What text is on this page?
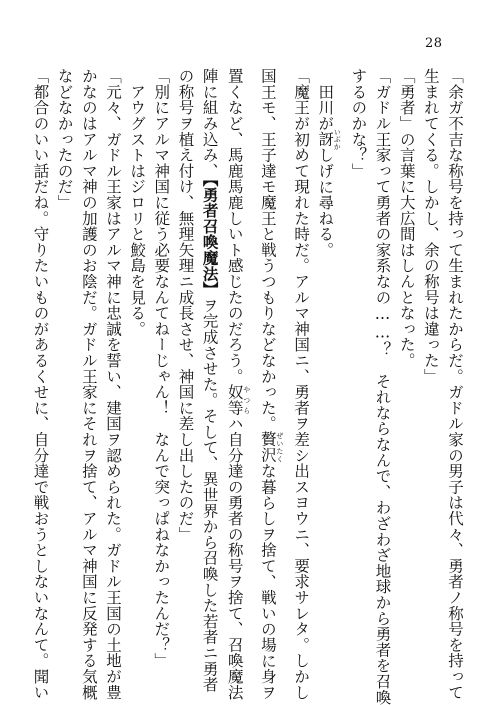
28
「余ガ不吉な称号を持って生まれたからだ。ガドル家の男子は代々、勇者ノ称号を持って
生まれてくる。しかし、余の称号は違った」
「勇者」の言葉に大広間はしんとなった。
「ガドル王家って勇者の家系なの……？　それならなんで、わざわざ地球から勇者を召喚
するのかな？」
　田川が訝 いぶかしげに尋ねる。
「魔王が初めて現れた時だ。アルマ神国ニ、勇者ヲ差シ出スヨウニ、要求サレタ。しかし
国王モ、王子達モ魔王と戦うつもりなどなかった。贅沢 ぜいたくな暮らしヲ捨て、戦いの場に身ヲ
置くなど、馬鹿馬鹿しいト感じたのだろう。奴等 やつらハ自分達の勇者の称号ヲ捨て、召喚魔法
陣に組み込み、【勇者召喚魔法】ヲ完成させた。そして、異世界から召喚した若者ニ勇者
の称号ヲ植え付け、無理矢理ニ成長させ、神国に差し出したのだ」
「別にアルマ神国に従う必要なんてねーじゃん！　なんで突っぱねなかったんだ？」
　アウグストはジロリと鮫島を見る。
「元々、ガドル王家はアルマ神に忠誠を誓い、建国ヲ認められた。ガドル王国の土地が豊
かなのはアルマ神の加護のお陰だ。ガドル王家にそれヲ捨て、アルマ神国に反発する気概
などなかったのだ」
「都合のいい話だね。守りたいものがあるくせに、自分達で戦おうとしないなんて。聞い
